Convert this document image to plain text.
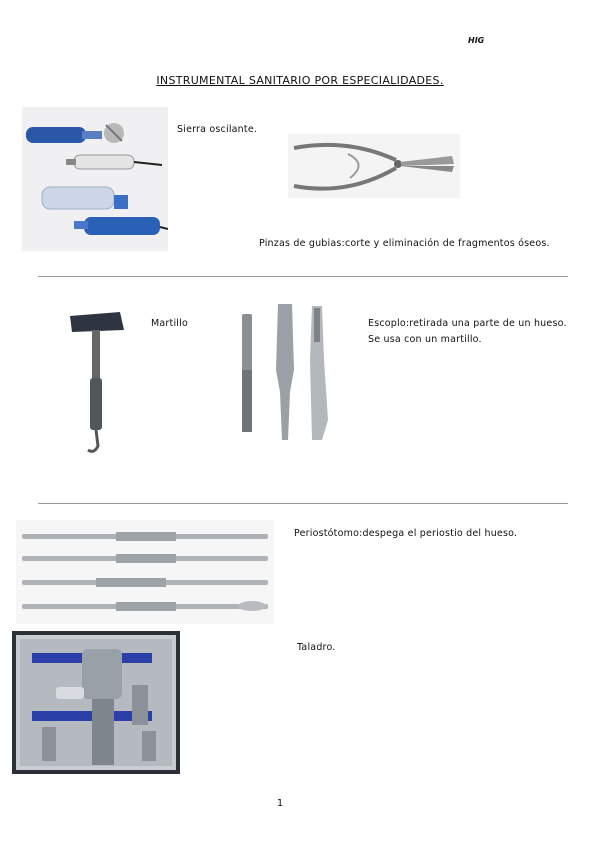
HIG
INSTRUMENTAL SANITARIO POR ESPECIALIDADES.
Sierra oscilante.
Pinzas de gubias:corte y eliminación de fragmentos óseos.
Martillo	Escoplo:retirada una parte de un hueso.
Se usa con un martillo.
Periostótomo:despega el periostio del hueso.
Taladro.
1
